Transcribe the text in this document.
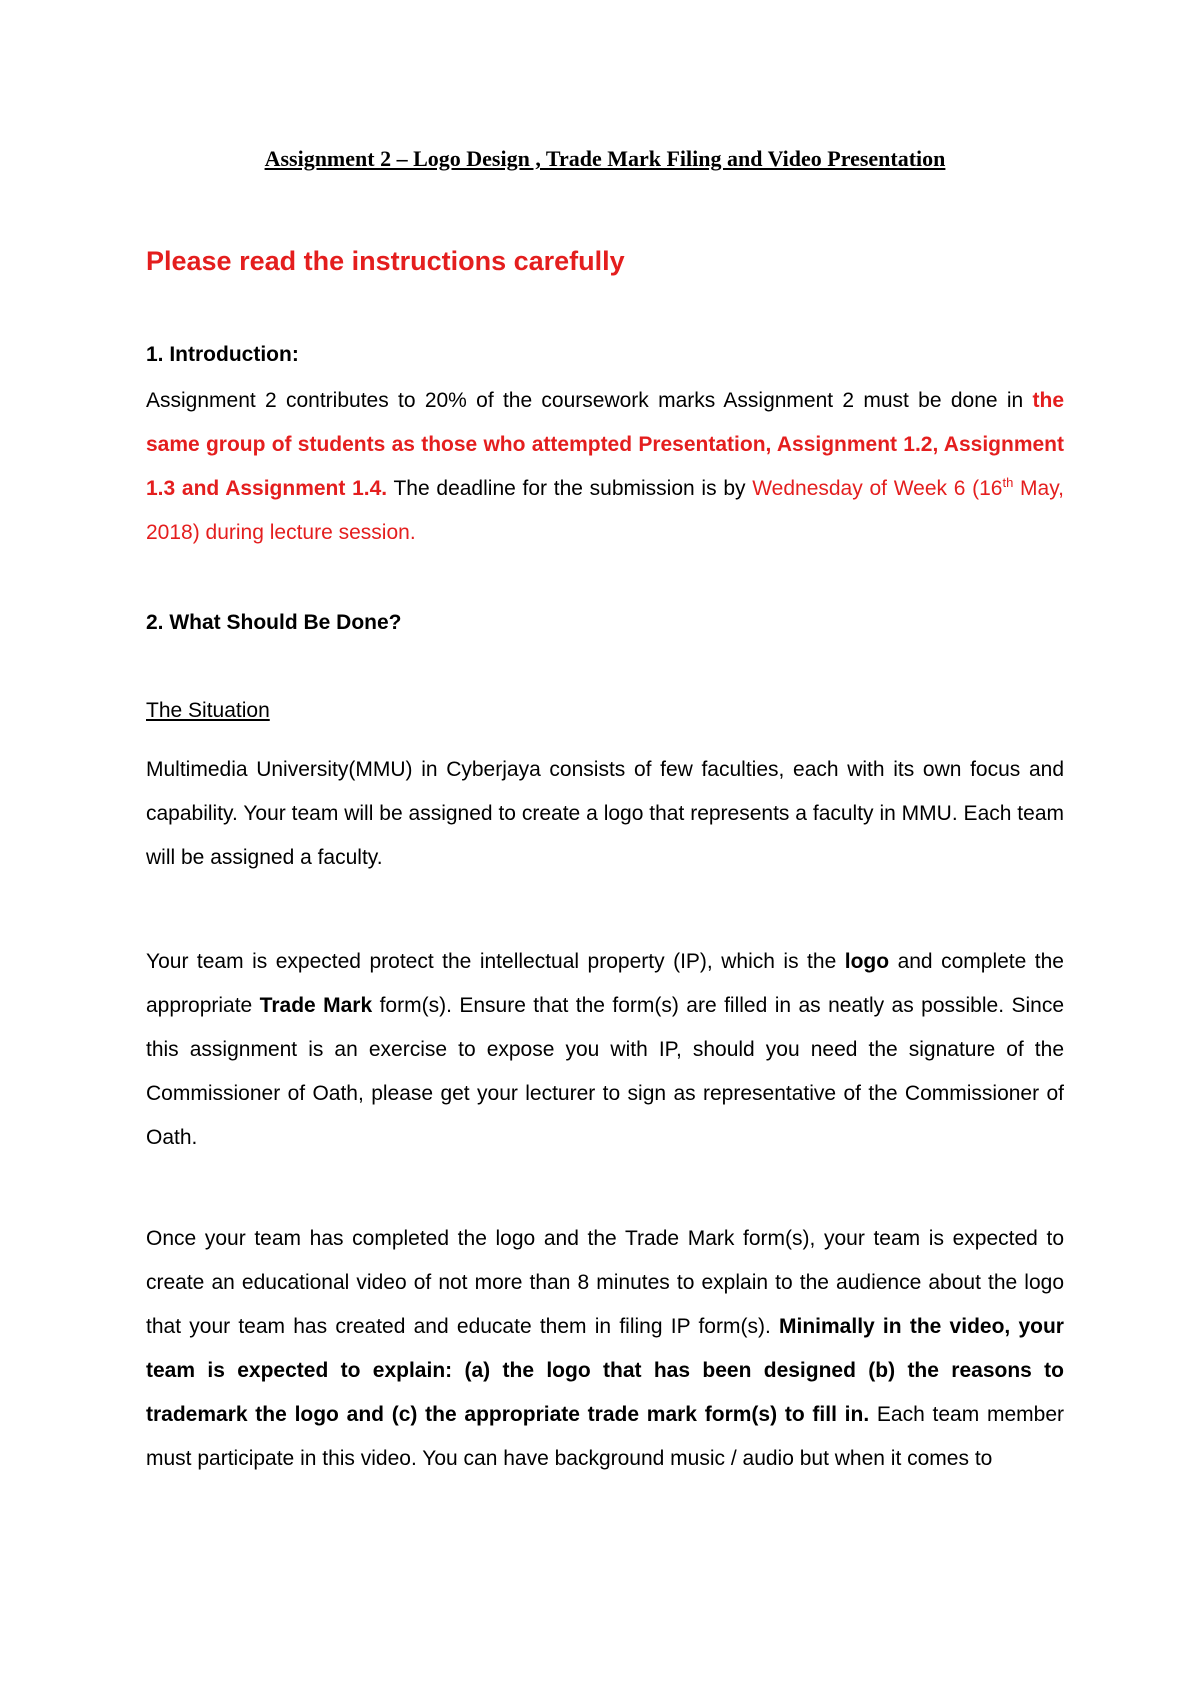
Assignment 2 – Logo Design , Trade Mark Filing and Video Presentation
Please read the instructions carefully
1. Introduction:
Assignment 2 contributes to 20% of the coursework marks Assignment 2 must be done in the same group of students as those who attempted Presentation, Assignment 1.2, Assignment 1.3 and Assignment 1.4. The deadline for the submission is by Wednesday of Week 6 (16th May, 2018) during lecture session.
2. What Should Be Done?
The Situation
Multimedia University(MMU) in Cyberjaya consists of few faculties, each with its own focus and capability. Your team will be assigned to create a logo that represents a faculty in MMU. Each team will be assigned a faculty.
Your team is expected protect the intellectual property (IP), which is the logo and complete the appropriate Trade Mark form(s). Ensure that the form(s) are filled in as neatly as possible. Since this assignment is an exercise to expose you with IP, should you need the signature of the Commissioner of Oath, please get your lecturer to sign as representative of the Commissioner of Oath.
Once your team has completed the logo and the Trade Mark form(s), your team is expected to create an educational video of not more than 8 minutes to explain to the audience about the logo that your team has created and educate them in filing IP form(s). Minimally in the video, your team is expected to explain: (a) the logo that has been designed (b) the reasons to trademark the logo and (c) the appropriate trade mark form(s) to fill in. Each team member must participate in this video. You can have background music / audio but when it comes to
